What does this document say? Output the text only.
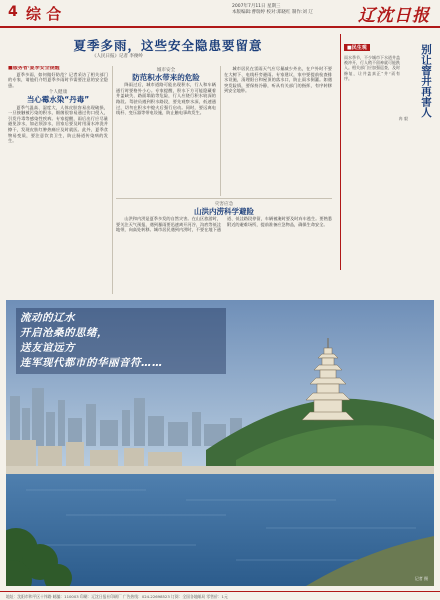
4 综 合	2007年7月11日 星期三
本版编辑:曹瑞婷 校对:郑晓红 制作:刘 辽	辽沈日报
夏季多雨，这些安全隐患要留意
《人民日报》记者 李俊岭
■服务者·夏季安全提醒

夏季多雨，如何做好防范？记者采访了相关部门的专家，请他们介绍夏季多雨时节需要注意的安全隐患。

个人健康
当心霉水染“丹毒”

夏季气温高、湿度大，人体皮肤容易出现破损，一旦接触被污染的积水，细菌很容易通过伤口侵入，引发丹毒等感染性疾病。专家提醒，雨后出行应尽量避免涉水，如必须涉水，回家后要及时用清水冲洗并擦干，发现皮肤红肿热痛应及时就医。此外，夏季食物易变质，要注意饮食卫生，防止肠道传染病的发生。

城市安全
防范积水带来的危险

降雨过后，城市道路可能出现积水，行人和车辆通行时要格外小心。专家提醒，积水下方可能隐藏着井盖缺失、路面塌陷等危险，行人应绕行积水较深的路段。驾驶员遇到积水路段，要先观察水深，低速通过，切勿在积水中熄火后强行启动。同时，要远离电线杆、变压器等带电设施，防止触电事故发生。

城市居民在雷雨天气应尽量减少外出，在户外时不要在大树下、电线杆旁避雨。专家建议，家中要提前检查排水设施，清理阳台和屋顶的落水口，防止雨水倒灌。如遇突发险情，要保持冷静，听从有关部门的指挥，有序转移到安全地带。

灾害应急
山洪内涝科学避险

山洪和内涝是夏季多发的自然灾害。在山区旅游时，要关注天气预报，遇到暴雨要迅速离开河谷、沟底等低洼地带，向高处转移。城市居民遇到内涝时，不要在地下通道、低洼路段停留，车辆被淹时要及时弃车逃生。要熟悉附近的避难场所，提前准备应急物品，确保生命安全。

■民生观
雨水季节，不少城市下水道井盖被冲开，行人稍不留神就可能跌入。相关部门应加强巡查，及时修复，让井盖真正“井”而有序。	别让窨井再害人
冉 毅
流动的辽水
开启沧桑的思绪，
送友谊远方
连军现代都市的华丽音符……
记者 摄
地址：沈阳市和平区十纬路 邮编：110003 印刷：辽沈日报社印刷厂 广告热线：024-22698523 订阅：全国各地邮局 零售价：1元
